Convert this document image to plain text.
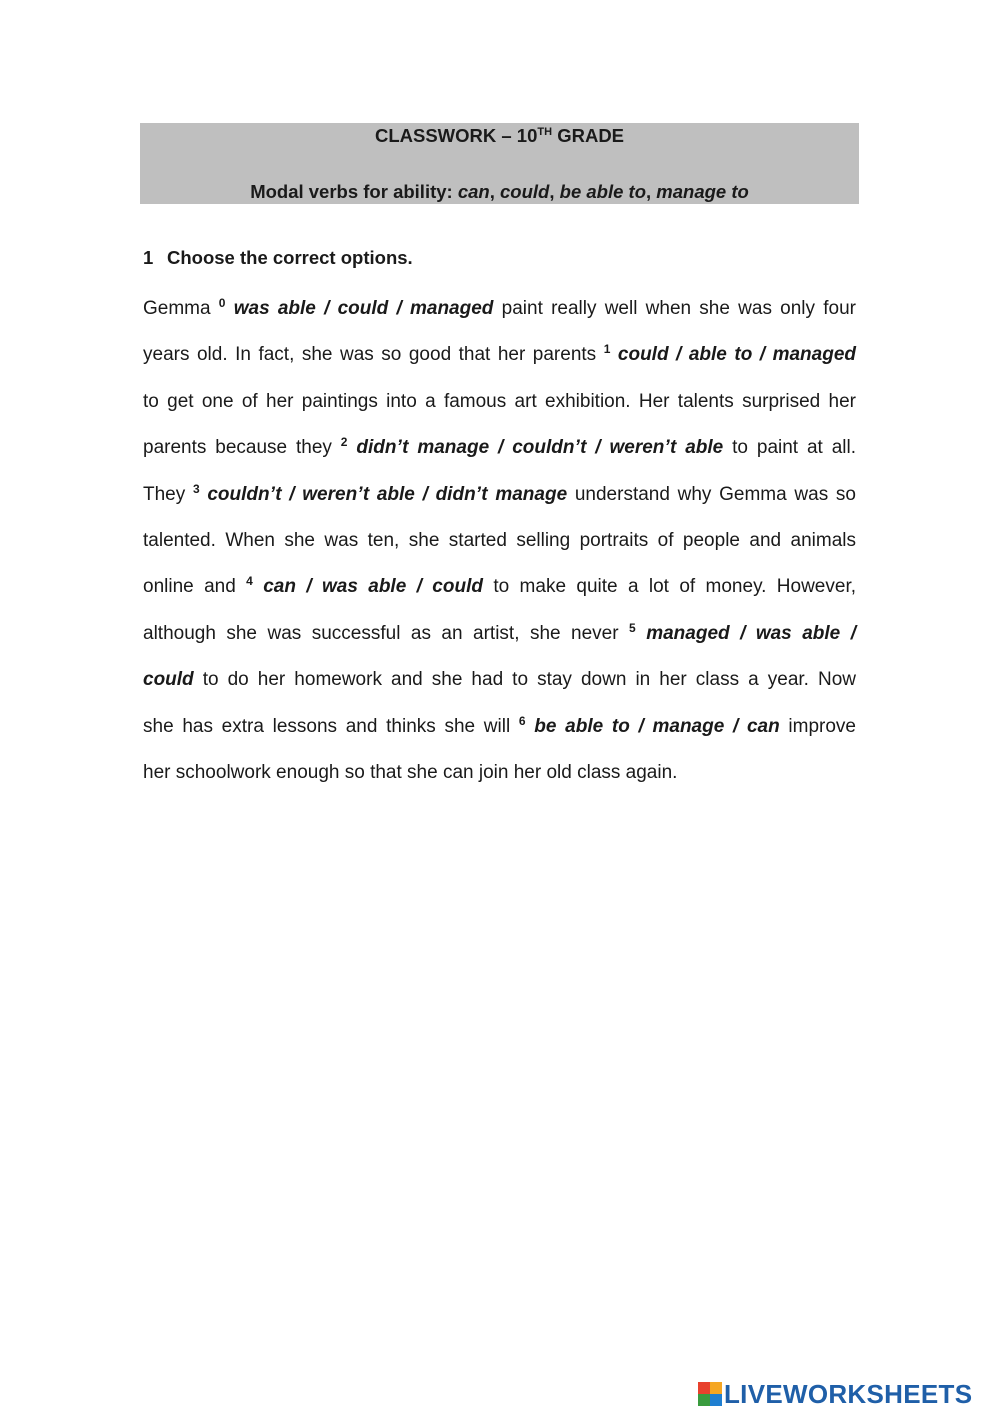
CLASSWORK – 10TH GRADE
Modal verbs for ability: can, could, be able to, manage to
1 Choose the correct options.
Gemma $^0$ was able / could / managed paint really well when she was only four
years old. In fact, she was so good that her parents $^1$ could / able to / managed
to get one of her paintings into a famous art exhibition. Her talents surprised her
parents because they $^2$ didn’t manage / couldn’t / weren’t able to paint at all.
They $^3$ couldn’t / weren’t able / didn’t manage understand why Gemma was so
talented. When she was ten, she started selling portraits of people and animals
online and $^4$ can / was able / could to make quite a lot of money. However,
although she was successful as an artist, she never $^5$ managed / was able /
could to do her homework and she had to stay down in her class a year. Now
she has extra lessons and thinks she will $^6$ be able to / manage / can improve
her schoolwork enough so that she can join her old class again.
LIVEWORKSHEETS
